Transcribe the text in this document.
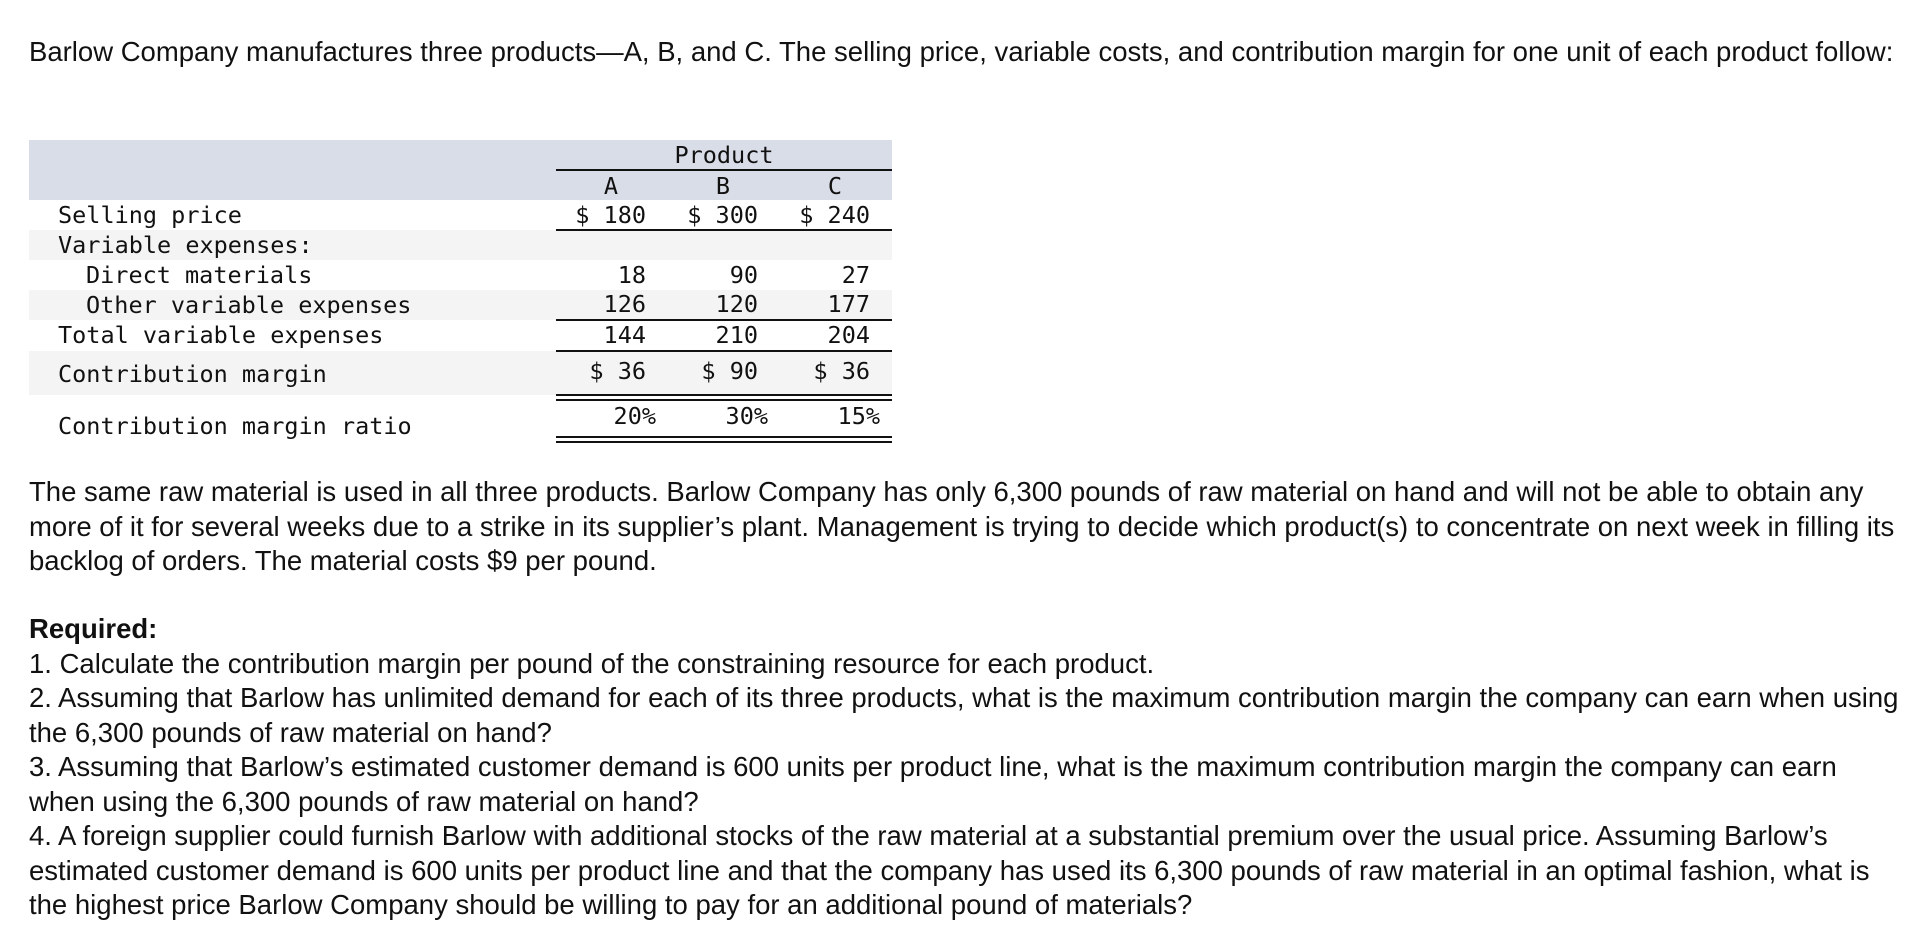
Barlow Company manufactures three products—A, B, and C. The selling price, variable costs, and contribution margin for one unit of each product follow:

Product
A	B	C
Selling price	$ 180	$ 300	$ 240
Variable expenses:
Direct materials	18	90	27
Other variable expenses	126	120	177
Total variable expenses	144	210	204
Contribution margin	$ 36	$ 90	$ 36
Contribution margin ratio	20%	30%	15%

The same raw material is used in all three products. Barlow Company has only 6,300 pounds of raw material on hand and will not be able to obtain any more of it for several weeks due to a strike in its supplier’s plant. Management is trying to decide which product(s) to concentrate on next week in filling its backlog of orders. The material costs $9 per pound.

Required:
1. Calculate the contribution margin per pound of the constraining resource for each product.
2. Assuming that Barlow has unlimited demand for each of its three products, what is the maximum contribution margin the company can earn when using the 6,300 pounds of raw material on hand?
3. Assuming that Barlow’s estimated customer demand is 600 units per product line, what is the maximum contribution margin the company can earn when using the 6,300 pounds of raw material on hand?
4. A foreign supplier could furnish Barlow with additional stocks of the raw material at a substantial premium over the usual price. Assuming Barlow’s estimated customer demand is 600 units per product line and that the company has used its 6,300 pounds of raw material in an optimal fashion, what is the highest price Barlow Company should be willing to pay for an additional pound of materials?
